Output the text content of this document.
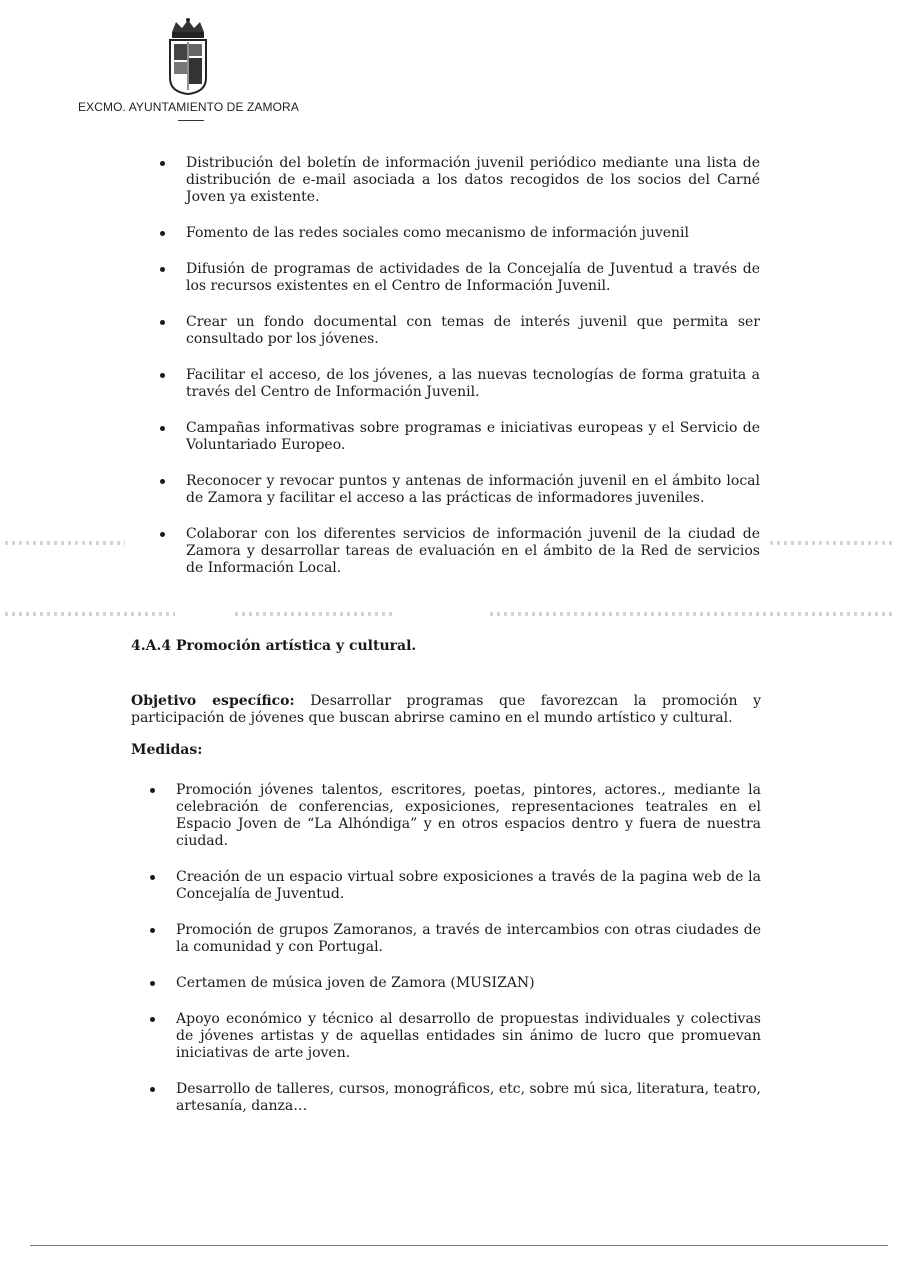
EXCMO. AYUNTAMIENTO DE ZAMORA
Distribución del boletín de información juvenil periódico mediante una lista de distribución de e-mail asociada a los datos recogidos de los socios del Carné Joven ya existente.
Fomento de las redes sociales como mecanismo de información juvenil
Difusión de programas de actividades de la Concejalía de Juventud a través de los recursos existentes en el Centro de Información Juvenil.
Crear un fondo documental con temas de interés juvenil que permita ser consultado por los jóvenes.
Facilitar el acceso, de los jóvenes, a las nuevas tecnologías de forma gratuita a través del Centro de Información Juvenil.
Campañas informativas sobre programas e iniciativas europeas y el Servicio de Voluntariado Europeo.
Reconocer y revocar puntos y antenas de información juvenil en el ámbito local de Zamora y facilitar el acceso a las prácticas de informadores juveniles.
Colaborar con los diferentes servicios de información juvenil de la ciudad de Zamora y desarrollar tareas de evaluación en el ámbito de la Red de servicios de Información Local.
4.A.4 Promoción artística y cultural.
Objetivo específico: Desarrollar programas que favorezcan la promoción y participación de jóvenes que buscan abrirse camino en el mundo artístico y cultural.
Medidas:
Promoción jóvenes talentos, escritores, poetas, pintores, actores., mediante la celebración de conferencias, exposiciones, representaciones teatrales en el Espacio Joven de “La Alhóndiga” y en otros espacios dentro y fuera de nuestra ciudad.
Creación de un espacio virtual sobre exposiciones a través de la pagina web de la Concejalía de Juventud.
Promoción de grupos Zamoranos, a través de intercambios con otras ciudades de la comunidad y con Portugal.
Certamen de música joven de Zamora (MUSIZAN)
Apoyo económico y técnico al desarrollo de propuestas individuales y colectivas de jóvenes artistas y de aquellas entidades sin ánimo de lucro que promuevan iniciativas de arte joven.
Desarrollo de talleres, cursos, monográficos, etc, sobre mú sica, literatura, teatro, artesanía, danza…
